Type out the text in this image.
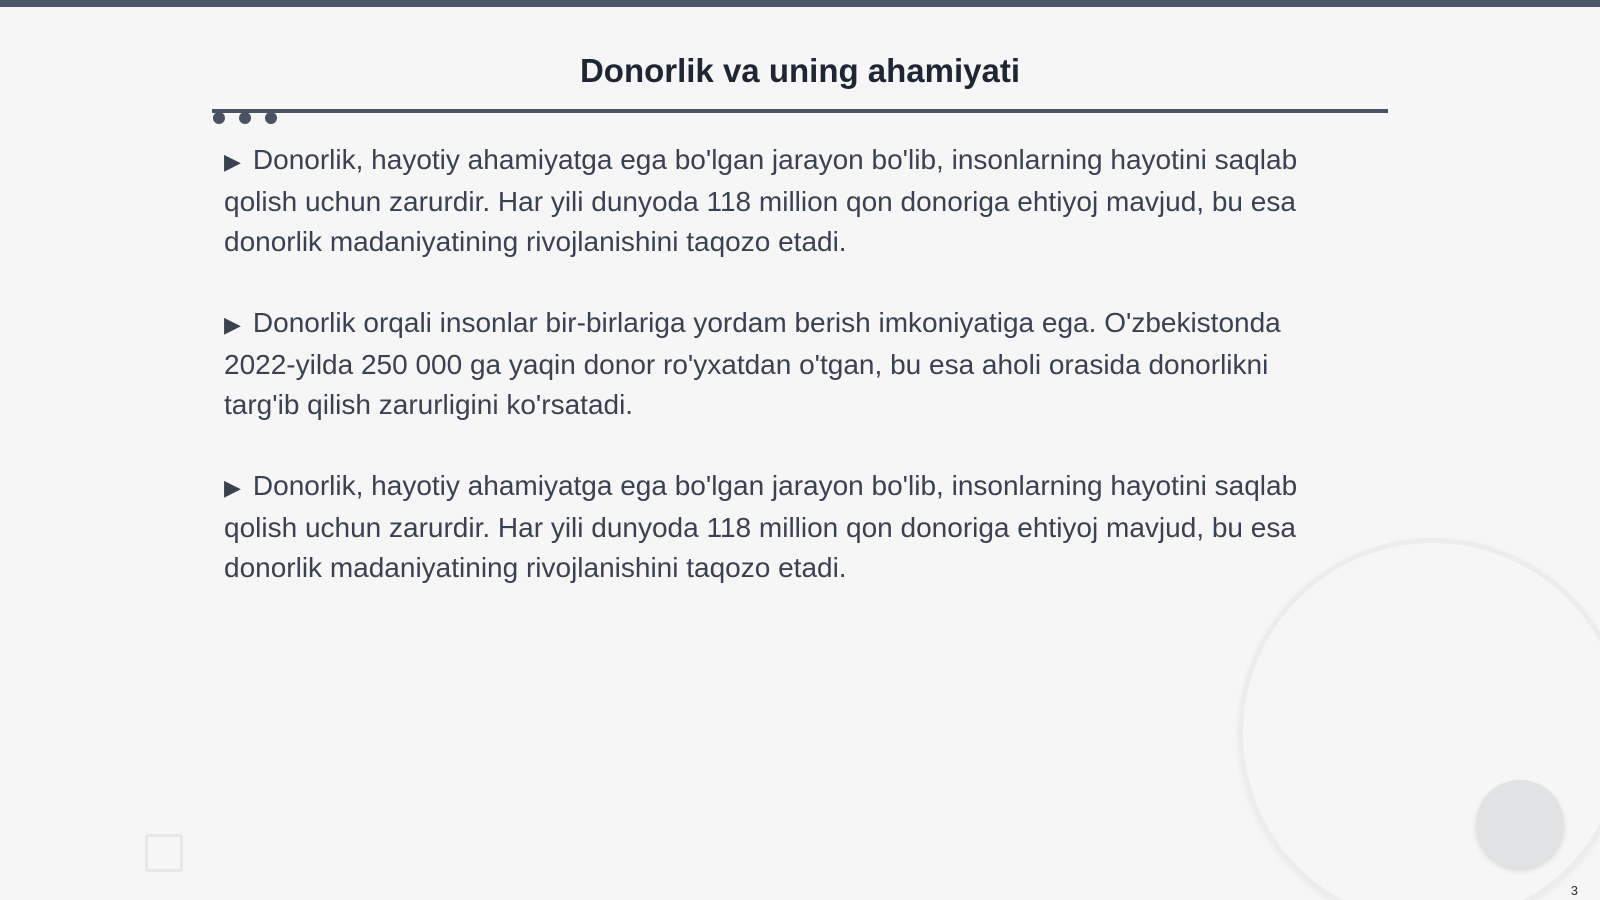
Donorlik va uning ahamiyati

▶ Donorlik, hayotiy ahamiyatga ega bo'lgan jarayon bo'lib, insonlarning hayotini saqlab qolish uchun zarurdir. Har yili dunyoda 118 million qon donoriga ehtiyoj mavjud, bu esa donorlik madaniyatining rivojlanishini taqozo etadi.

▶ Donorlik orqali insonlar bir-birlariga yordam berish imkoniyatiga ega. O'zbekistonda 2022-yilda 250 000 ga yaqin donor ro'yxatdan o'tgan, bu esa aholi orasida donorlikni targ'ib qilish zarurligini ko'rsatadi.

▶ Donorlik, hayotiy ahamiyatga ega bo'lgan jarayon bo'lib, insonlarning hayotini saqlab qolish uchun zarurdir. Har yili dunyoda 118 million qon donoriga ehtiyoj mavjud, bu esa donorlik madaniyatining rivojlanishini taqozo etadi.

3
